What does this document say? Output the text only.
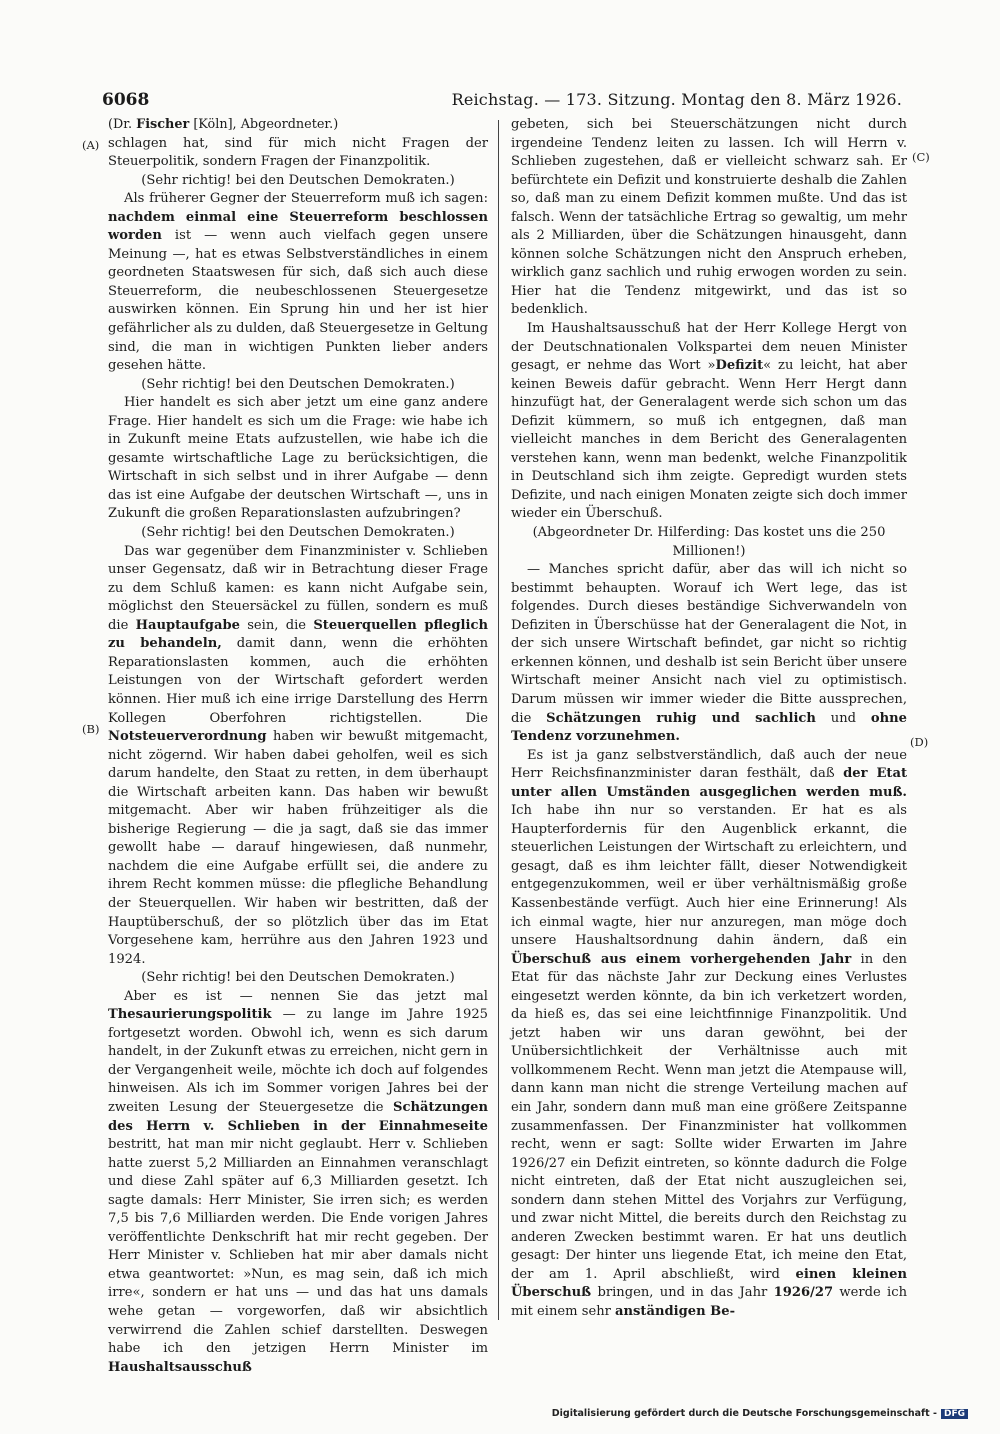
6068	Reichstag. — 173. Sitzung. Montag den 8. März 1926.
(A)
(B)
(C)
(D)

(Dr. Fischer [Köln], Abgeordneter.)

schlagen hat, sind für mich nicht Fragen der Steuerpolitik, sondern Fragen der Finanzpolitik.

(Sehr richtig! bei den Deutschen Demokraten.)

Als früherer Gegner der Steuerreform muß ich sagen: nachdem einmal eine Steuerreform beschlossen worden ist — wenn auch vielfach gegen unsere Meinung —, hat es etwas Selbstverständliches in einem geordneten Staatswesen für sich, daß sich auch diese Steuerreform, die neubeschlossenen Steuergesetze auswirken können. Ein Sprung hin und her ist hier gefährlicher als zu dulden, daß Steuergesetze in Geltung sind, die man in wichtigen Punkten lieber anders gesehen hätte.

(Sehr richtig! bei den Deutschen Demokraten.)

Hier handelt es sich aber jetzt um eine ganz andere Frage. Hier handelt es sich um die Frage: wie habe ich in Zukunft meine Etats aufzustellen, wie habe ich die gesamte wirtschaftliche Lage zu berücksichtigen, die Wirtschaft in sich selbst und in ihrer Aufgabe — denn das ist eine Aufgabe der deutschen Wirtschaft —, uns in Zukunft die großen Reparationslasten aufzubringen?

(Sehr richtig! bei den Deutschen Demokraten.)

Das war gegenüber dem Finanzminister v. Schlieben unser Gegensatz, daß wir in Betrachtung dieser Frage zu dem Schluß kamen: es kann nicht Aufgabe sein, möglichst den Steuersäckel zu füllen, sondern es muß die Hauptaufgabe sein, die Steuerquellen pfleglich zu behandeln, damit dann, wenn die erhöhten Reparationslasten kommen, auch die erhöhten Leistungen von der Wirtschaft gefordert werden können. Hier muß ich eine irrige Darstellung des Herrn Kollegen Oberfohren richtigstellen. Die Notsteuerverordnung haben wir bewußt mitgemacht, nicht zögernd. Wir haben dabei geholfen, weil es sich darum handelte, den Staat zu retten, in dem überhaupt die Wirtschaft arbeiten kann. Das haben wir bewußt mitgemacht. Aber wir haben frühzeitiger als die bisherige Regierung — die ja sagt, daß sie das immer gewollt habe — darauf hingewiesen, daß nunmehr, nachdem die eine Aufgabe erfüllt sei, die andere zu ihrem Recht kommen müsse: die pflegliche Behandlung der Steuerquellen. Wir haben wir bestritten, daß der Hauptüberschuß, der so plötzlich über das im Etat Vorgesehene kam, herrühre aus den Jahren 1923 und 1924.

(Sehr richtig! bei den Deutschen Demokraten.)

Aber es ist — nennen Sie das jetzt mal Thesaurierungspolitik — zu lange im Jahre 1925 fortgesetzt worden. Obwohl ich, wenn es sich darum handelt, in der Zukunft etwas zu erreichen, nicht gern in der Vergangenheit weile, möchte ich doch auf folgendes hinweisen. Als ich im Sommer vorigen Jahres bei der zweiten Lesung der Steuergesetze die Schätzungen des Herrn v. Schlieben in der Einnahmeseite bestritt, hat man mir nicht geglaubt. Herr v. Schlieben hatte zuerst 5,2 Milliarden an Einnahmen veranschlagt und diese Zahl später auf 6,3 Milliarden gesetzt. Ich sagte damals: Herr Minister, Sie irren sich; es werden 7,5 bis 7,6 Milliarden werden. Die Ende vorigen Jahres veröffentlichte Denkschrift hat mir recht gegeben. Der Herr Minister v. Schlieben hat mir aber damals nicht etwa geantwortet: »Nun, es mag sein, daß ich mich irre«, sondern er hat uns — und das hat uns damals wehe getan — vorgeworfen, daß wir absichtlich verwirrend die Zahlen schief darstellten. Deswegen habe ich den jetzigen Herrn Minister im Haushaltsausschuß

gebeten, sich bei Steuerschätzungen nicht durch irgendeine Tendenz leiten zu lassen. Ich will Herrn v. Schlieben zugestehen, daß er vielleicht schwarz sah. Er befürchtete ein Defizit und konstruierte deshalb die Zahlen so, daß man zu einem Defizit kommen mußte. Und das ist falsch. Wenn der tatsächliche Ertrag so gewaltig, um mehr als 2 Milliarden, über die Schätzungen hinausgeht, dann können solche Schätzungen nicht den Anspruch erheben, wirklich ganz sachlich und ruhig erwogen worden zu sein. Hier hat die Tendenz mitgewirkt, und das ist so bedenklich.

Im Haushaltsausschuß hat der Herr Kollege Hergt von der Deutschnationalen Volkspartei dem neuen Minister gesagt, er nehme das Wort »Defizit« zu leicht, hat aber keinen Beweis dafür gebracht. Wenn Herr Hergt dann hinzufügt hat, der Generalagent werde sich schon um das Defizit kümmern, so muß ich entgegnen, daß man vielleicht manches in dem Bericht des Generalagenten verstehen kann, wenn man bedenkt, welche Finanzpolitik in Deutschland sich ihm zeigte. Gepredigt wurden stets Defizite, und nach einigen Monaten zeigte sich doch immer wieder ein Überschuß.

(Abgeordneter Dr. Hilferding: Das kostet uns die 250 Millionen!)

— Manches spricht dafür, aber das will ich nicht so bestimmt behaupten. Worauf ich Wert lege, das ist folgendes. Durch dieses beständige Sichverwandeln von Defiziten in Überschüsse hat der Generalagent die Not, in der sich unsere Wirtschaft befindet, gar nicht so richtig erkennen können, und deshalb ist sein Bericht über unsere Wirtschaft meiner Ansicht nach viel zu optimistisch. Darum müssen wir immer wieder die Bitte aussprechen, die Schätzungen ruhig und sachlich und ohne Tendenz vorzunehmen.

Es ist ja ganz selbstverständlich, daß auch der neue Herr Reichsfinanzminister daran festhält, daß der Etat unter allen Umständen ausgeglichen werden muß. Ich habe ihn nur so verstanden. Er hat es als Haupterfordernis für den Augenblick erkannt, die steuerlichen Leistungen der Wirtschaft zu erleichtern, und gesagt, daß es ihm leichter fällt, dieser Notwendigkeit entgegenzukommen, weil er über verhältnismäßig große Kassenbestände verfügt. Auch hier eine Erinnerung! Als ich einmal wagte, hier nur anzuregen, man möge doch unsere Haushaltsordnung dahin ändern, daß ein Überschuß aus einem vorhergehenden Jahr in den Etat für das nächste Jahr zur Deckung eines Verlustes eingesetzt werden könnte, da bin ich verketzert worden, da hieß es, das sei eine leichtfinnige Finanzpolitik. Und jetzt haben wir uns daran gewöhnt, bei der Unübersichtlichkeit der Verhältnisse auch mit vollkommenem Recht. Wenn man jetzt die Atempause will, dann kann man nicht die strenge Verteilung machen auf ein Jahr, sondern dann muß man eine größere Zeitspanne zusammenfassen. Der Finanzminister hat vollkommen recht, wenn er sagt: Sollte wider Erwarten im Jahre 1926/27 ein Defizit eintreten, so könnte dadurch die Folge nicht eintreten, daß der Etat nicht auszugleichen sei, sondern dann stehen Mittel des Vorjahrs zur Verfügung, und zwar nicht Mittel, die bereits durch den Reichstag zu anderen Zwecken bestimmt waren. Er hat uns deutlich gesagt: Der hinter uns liegende Etat, ich meine den Etat, der am 1. April abschließt, wird einen kleinen Überschuß bringen, und in das Jahr 1926/27 werde ich mit einem sehr anständigen Be-

Digitalisierung gefördert durch die Deutsche Forschungsgemeinschaft - DFG
